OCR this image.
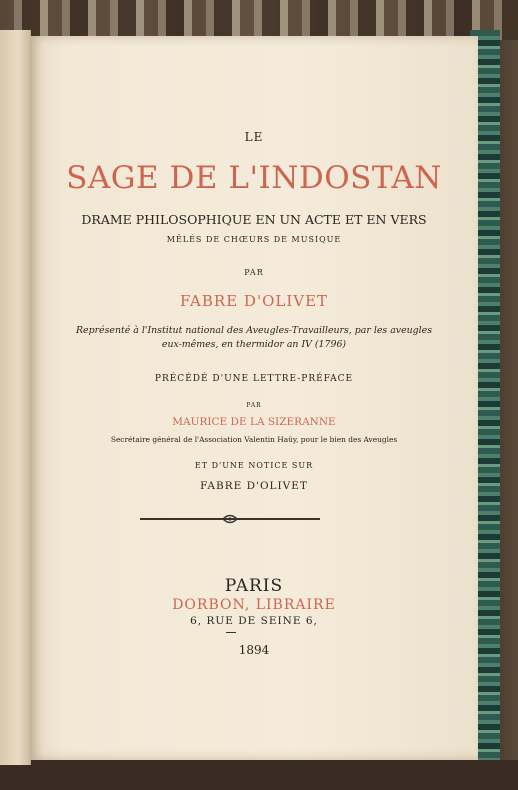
LE
SAGE DE L'INDOSTAN
DRAME PHILOSOPHIQUE EN UN ACTE ET EN VERS
MÊLÉS DE CHŒURS DE MUSIQUE
PAR
FABRE D'OLIVET
Représenté à l'Institut national des Aveugles-Travailleurs, par les aveugles
eux-mêmes, en thermidor an IV (1796)
PRÉCÉDÉ D'UNE LETTRE-PRÉFACE
PAR
MAURICE DE LA SIZERANNE
Secrétaire général de l'Association Valentin Haüy, pour le bien des Aveugles
ET D'UNE NOTICE SUR
FABRE D'OLIVET
PARIS
DORBON, LIBRAIRE
6, RUE DE SEINE 6,
1894
